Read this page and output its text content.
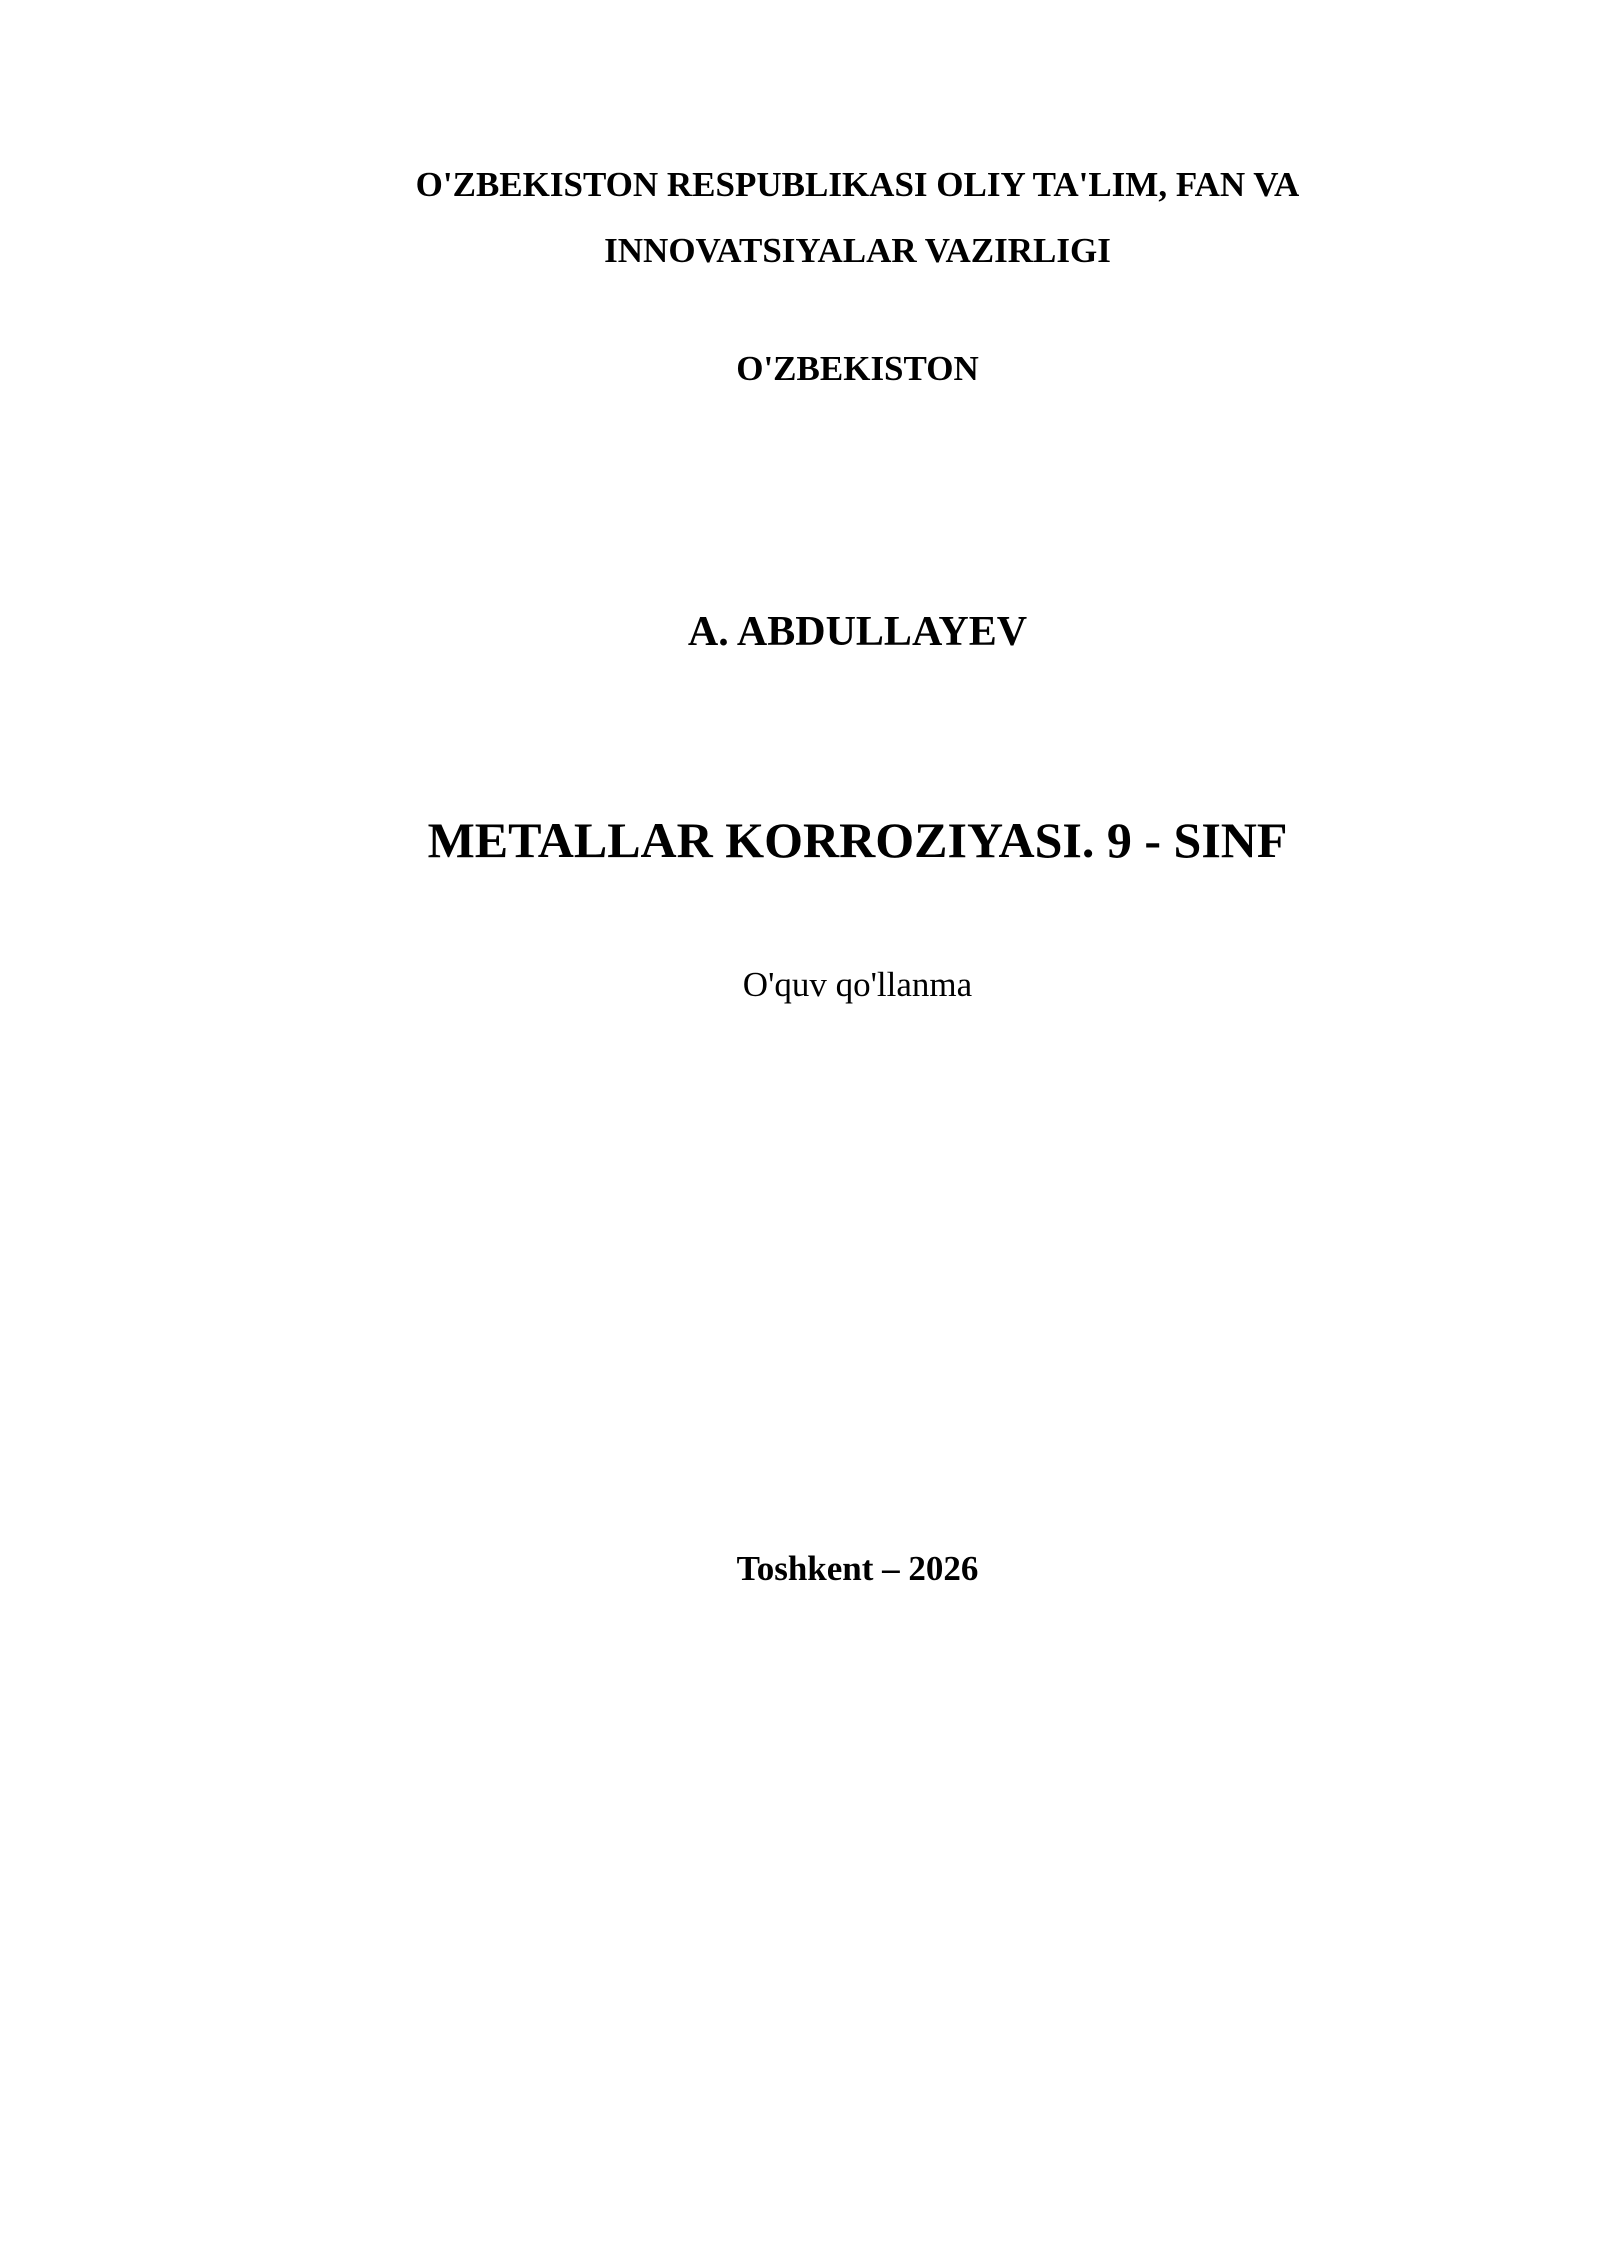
O'ZBEKISTON RESPUBLIKASI OLIY TA'LIM, FAN VA
INNOVATSIYALAR VAZIRLIGI
O'ZBEKISTON
A. ABDULLAYEV
METALLAR KORROZIYASI. 9 - SINF
O'quv qo'llanma
Toshkent – 2026
